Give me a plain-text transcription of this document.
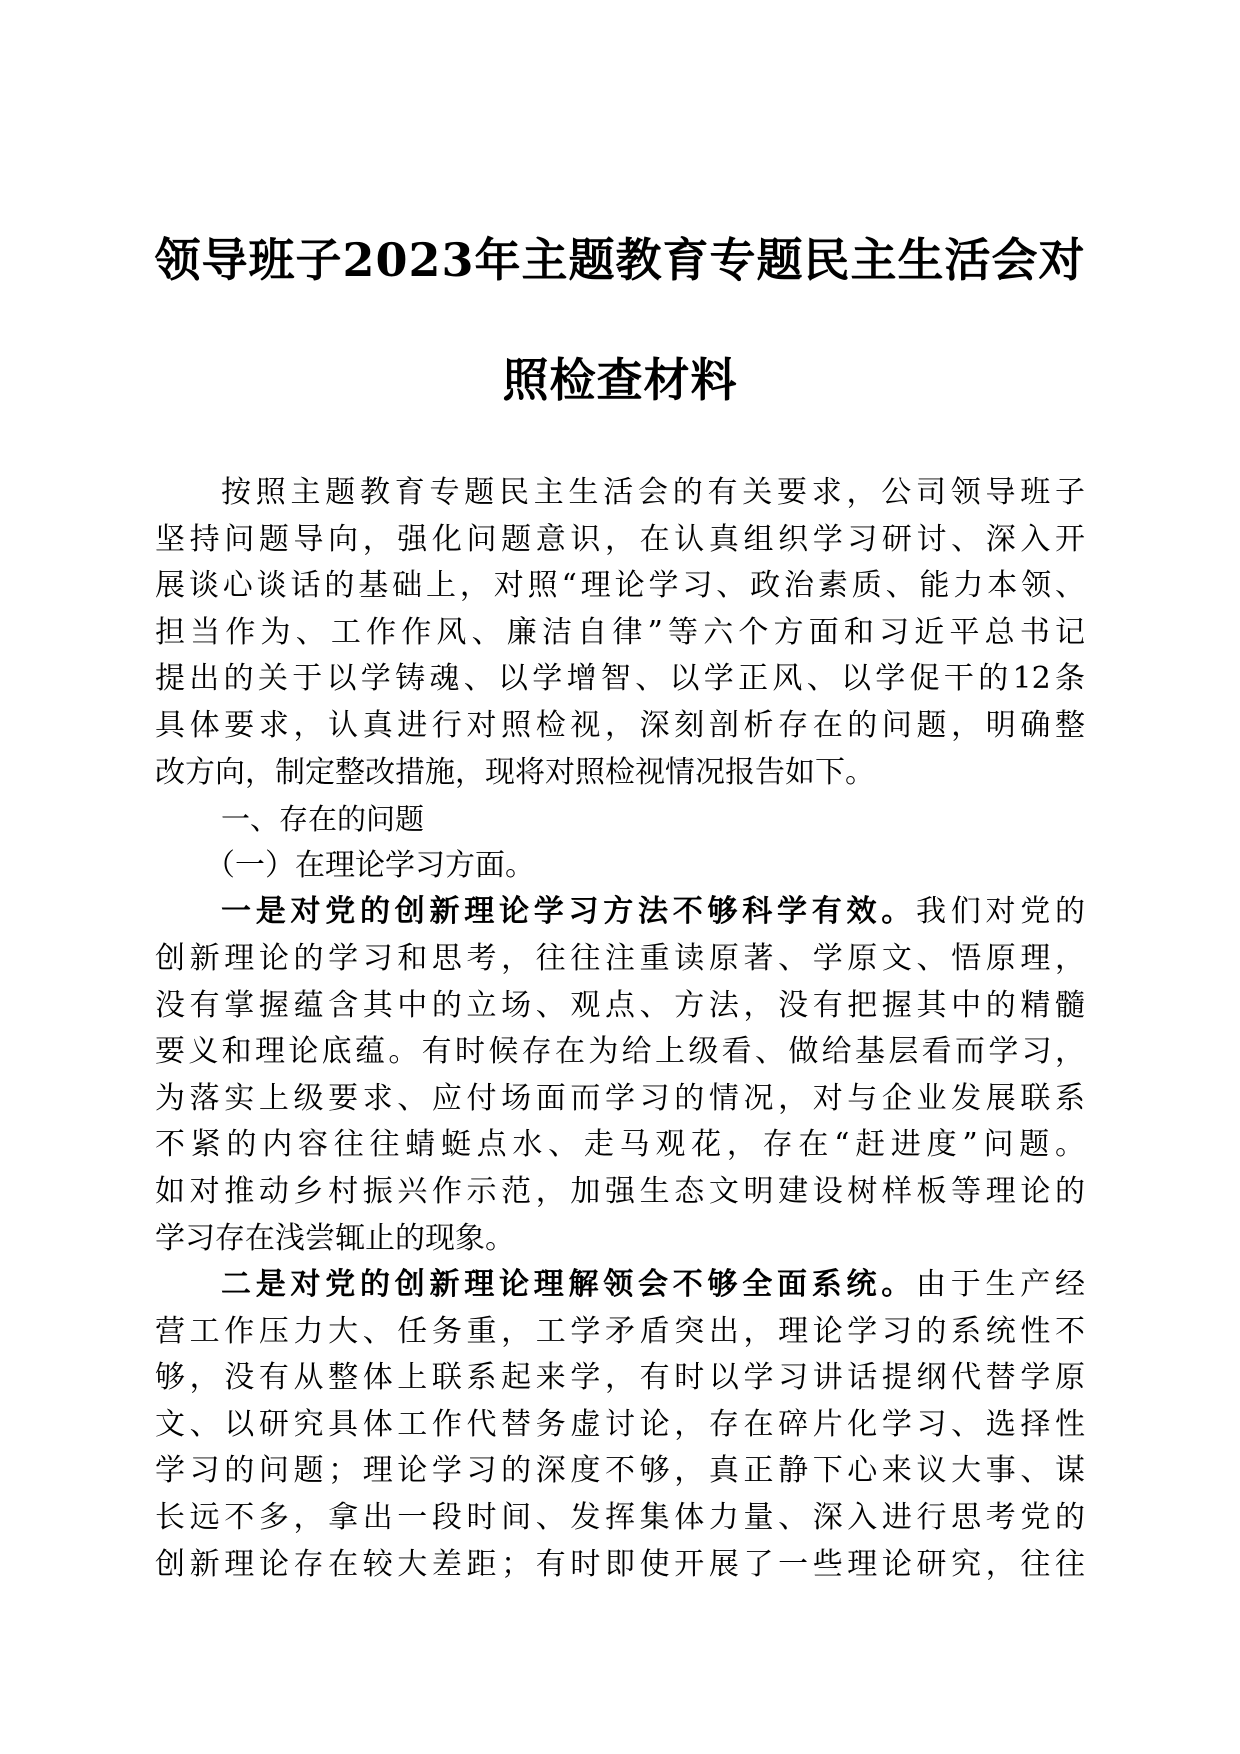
领导班子2023年主题教育专题民主生活会对
照检查材料
按照主题教育专题民主生活会的有关要求，公司领导班子
坚持问题导向，强化问题意识，在认真组织学习研讨、深入开
展谈心谈话的基础上，对照“理论学习、政治素质、能力本领、
担当作为、工作作风、廉洁自律”等六个方面和习近平总书记
提出的关于以学铸魂、以学增智、以学正风、以学促干的12条
具体要求，认真进行对照检视，深刻剖析存在的问题，明确整
改方向，制定整改措施，现将对照检视情况报告如下。
一、存在的问题
（一）在理论学习方面。
一是对党的创新理论学习方法不够科学有效。我们对党的
创新理论的学习和思考，往往注重读原著、学原文、悟原理，
没有掌握蕴含其中的立场、观点、方法，没有把握其中的精髓
要义和理论底蕴。有时候存在为给上级看、做给基层看而学习，
为落实上级要求、应付场面而学习的情况，对与企业发展联系
不紧的内容往往蜻蜓点水、走马观花，存在“赶进度”问题。
如对推动乡村振兴作示范，加强生态文明建设树样板等理论的
学习存在浅尝辄止的现象。
二是对党的创新理论理解领会不够全面系统。由于生产经
营工作压力大、任务重，工学矛盾突出，理论学习的系统性不
够，没有从整体上联系起来学，有时以学习讲话提纲代替学原
文、以研究具体工作代替务虚讨论，存在碎片化学习、选择性
学习的问题；理论学习的深度不够，真正静下心来议大事、谋
长远不多，拿出一段时间、发挥集体力量、深入进行思考党的
创新理论存在较大差距；有时即使开展了一些理论研究，往往
